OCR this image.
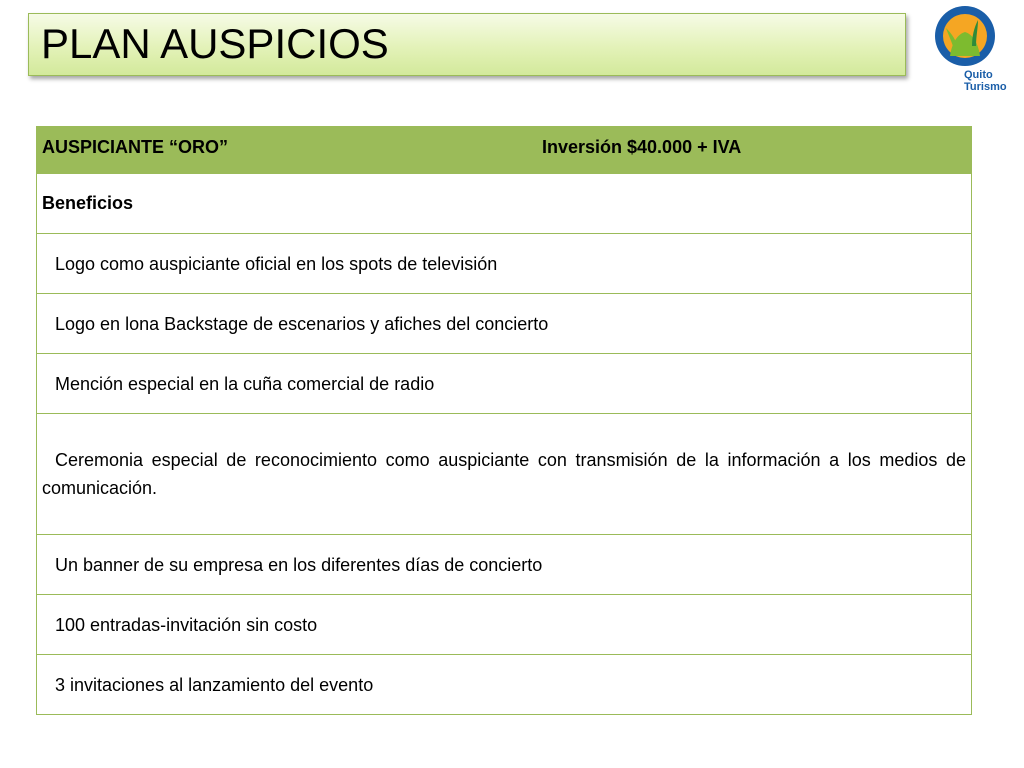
PLAN AUSPICIOS
Quito
Turismo
AUSPICIANTE “ORO”	Inversión $40.000 + IVA

Beneficios

Logo como auspiciante oficial en los spots de televisión

Logo en lona Backstage de escenarios y afiches del concierto

Mención especial en la cuña comercial de radio

Ceremonia especial de reconocimiento como auspiciante con transmisión de la información a los medios de comunicación.

Un banner de su empresa en los diferentes días de concierto

100 entradas-invitación sin costo

3 invitaciones al lanzamiento del evento
